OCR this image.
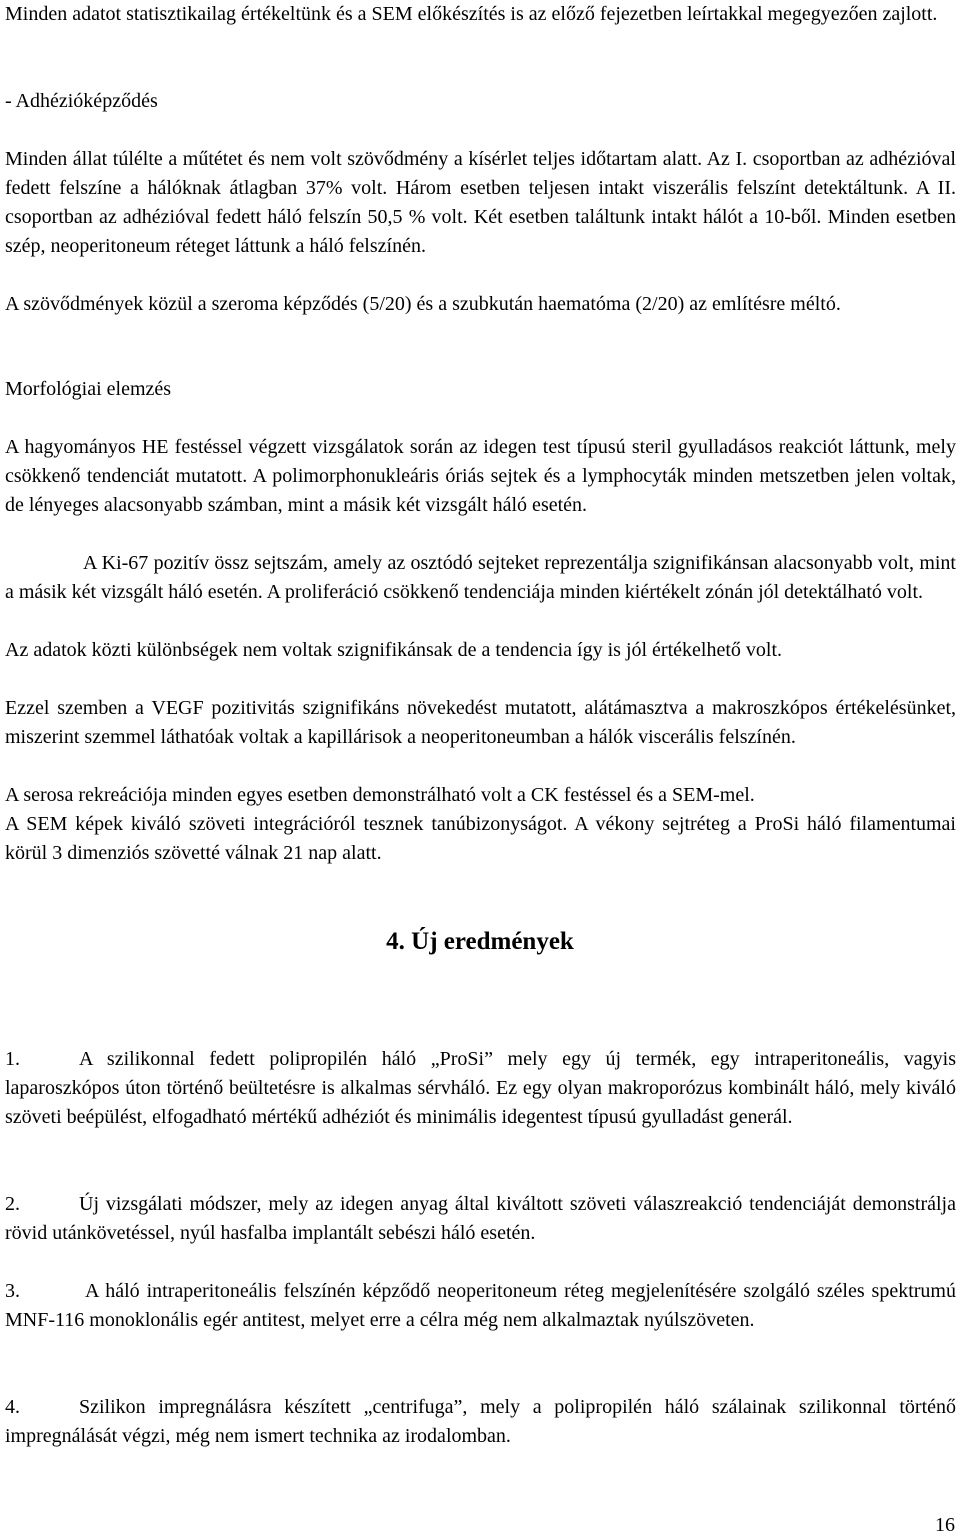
Minden adatot statisztikailag értékeltünk és a SEM előkészítés is az előző fejezetben leírtakkal megegyezően zajlott.

- Adhézióképződés

Minden állat túlélte a műtétet és nem volt szövődmény a kísérlet teljes időtartam alatt. Az I. csoportban az adhézióval fedett felszíne a hálóknak átlagban 37% volt. Három esetben teljesen intakt viszerális felszínt detektáltunk. A II. csoportban az adhézióval fedett háló felszín 50,5 % volt. Két esetben találtunk intakt hálót a 10-ből. Minden esetben szép, neoperitoneum réteget láttunk a háló felszínén.

A szövődmények közül a szeroma képződés (5/20) és a szubkután haematóma (2/20) az említésre méltó.

Morfológiai elemzés

A hagyományos HE festéssel végzett vizsgálatok során az idegen test típusú steril gyulladásos reakciót láttunk, mely csökkenő tendenciát mutatott. A polimorphonukleáris óriás sejtek és a lymphocyták minden metszetben jelen voltak, de lényeges alacsonyabb számban, mint a másik két vizsgált háló esetén.

A Ki-67 pozitív össz sejtszám, amely az osztódó sejteket reprezentálja szignifikánsan alacsonyabb volt, mint a másik két vizsgált háló esetén. A proliferáció csökkenő tendenciája minden kiértékelt zónán jól detektálható volt.

Az adatok közti különbségek nem voltak szignifikánsak de a tendencia így is jól értékelhető volt.

Ezzel szemben a VEGF pozitivitás szignifikáns növekedést mutatott, alátámasztva a makroszkópos értékelésünket, miszerint szemmel láthatóak voltak a kapillárisok a neoperitoneumban a hálók viscerális felszínén.

A serosa rekreációja minden egyes esetben demonstrálható volt a CK festéssel és a SEM-mel.

A SEM képek kiváló szöveti integrációról tesznek tanúbizonyságot. A vékony sejtréteg a ProSi háló filamentumai körül 3 dimenziós szövetté válnak 21 nap alatt.

4. Új eredmények

1.	A szilikonnal fedett polipropilén háló „ProSi” mely egy új termék, egy intraperitoneális, vagyis laparoszkópos úton történő beültetésre is alkalmas sérvháló. Ez egy olyan makroporózus kombinált háló, mely kiváló szöveti beépülést, elfogadható mértékű adhéziót és minimális idegentest típusú gyulladást generál.

2.	Új vizsgálati módszer, mely az idegen anyag által kiváltott szöveti válaszreakció tendenciáját demonstrálja rövid utánkövetéssel, nyúl hasfalba implantált sebészi háló esetén.

3.	A háló intraperitoneális felszínén képződő neoperitoneum réteg megjelenítésére szolgáló széles spektrumú MNF-116 monoklonális egér antitest, melyet erre a célra még nem alkalmaztak nyúlszöveten.

4.	Szilikon impregnálásra készített „centrifuga”, mely a polipropilén háló szálainak szilikonnal történő impregnálását végzi, még nem ismert technika az irodalomban.

16
